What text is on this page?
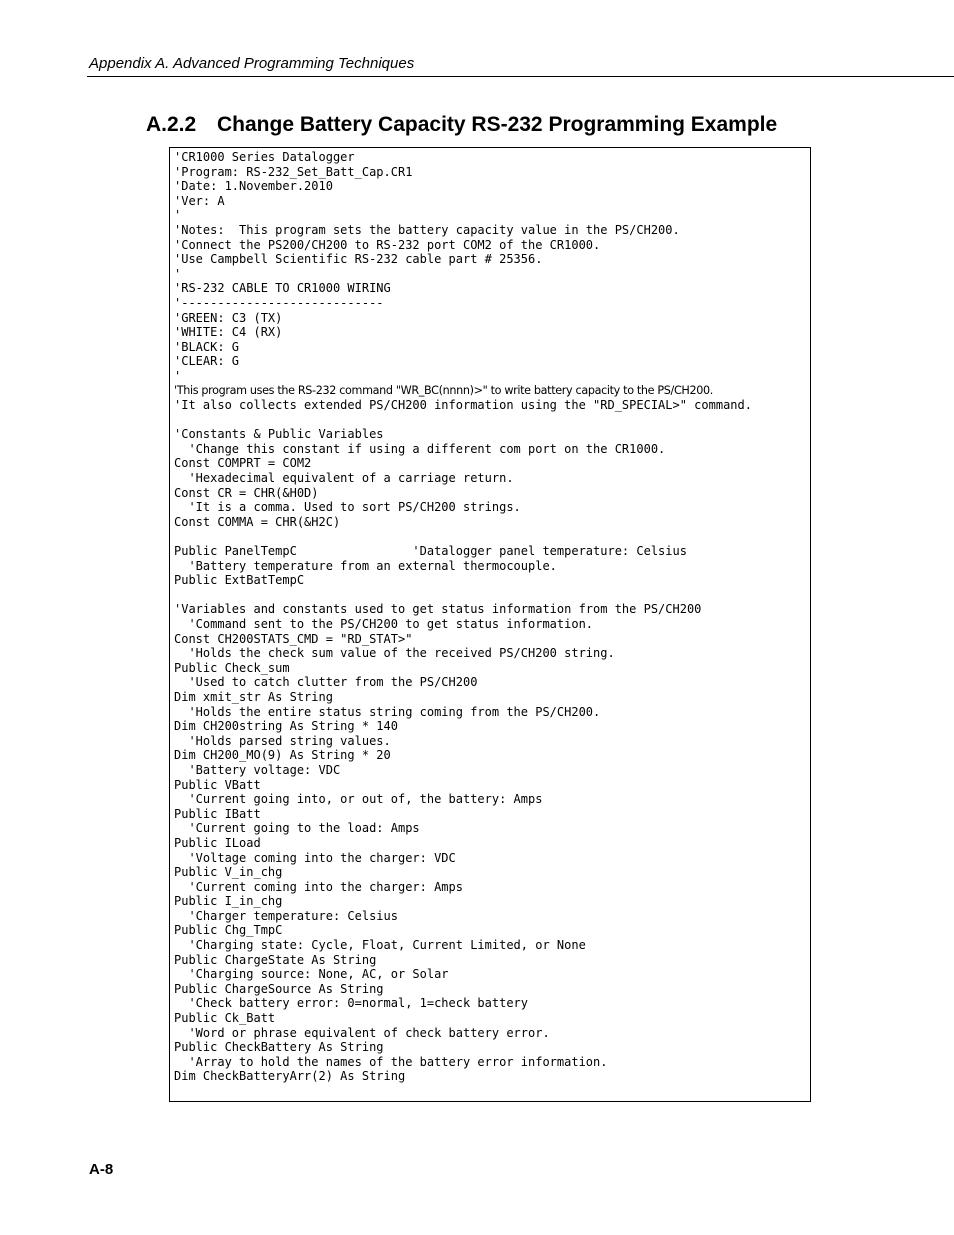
Appendix A. Advanced Programming Techniques
A.2.2 Change Battery Capacity RS-232 Programming Example
'CR1000 Series Datalogger
'Program: RS-232_Set_Batt_Cap.CR1
'Date: 1.November.2010
'Ver: A
'
'Notes:  This program sets the battery capacity value in the PS/CH200.
'Connect the PS200/CH200 to RS-232 port COM2 of the CR1000.
'Use Campbell Scientific RS-232 cable part # 25356.
'
'RS-232 CABLE TO CR1000 WIRING
'----------------------------
'GREEN: C3 (TX)
'WHITE: C4 (RX)
'BLACK: G
'CLEAR: G
'
'This program uses the RS-232 command "WR_BC(nnnn)>" to write battery capacity to the PS/CH200.
'It also collects extended PS/CH200 information using the "RD_SPECIAL>" command.
'Constants & Public Variables
'Change this constant if using a different com port on the CR1000.
Const COMPRT = COM2
'Hexadecimal equivalent of a carriage return.
Const CR = CHR(&H0D)
'It is a comma. Used to sort PS/CH200 strings.
Const COMMA = CHR(&H2C)
Public PanelTempC                'Datalogger panel temperature: Celsius
'Battery temperature from an external thermocouple.
Public ExtBatTempC
'Variables and constants used to get status information from the PS/CH200
'Command sent to the PS/CH200 to get status information.
Const CH200STATS_CMD = "RD_STAT>"
'Holds the check sum value of the received PS/CH200 string.
Public Check_sum
'Used to catch clutter from the PS/CH200
Dim xmit_str As String
'Holds the entire status string coming from the PS/CH200.
Dim CH200string As String * 140
'Holds parsed string values.
Dim CH200_MO(9) As String * 20
'Battery voltage: VDC
Public VBatt
'Current going into, or out of, the battery: Amps
Public IBatt
'Current going to the load: Amps
Public ILoad
'Voltage coming into the charger: VDC
Public V_in_chg
'Current coming into the charger: Amps
Public I_in_chg
'Charger temperature: Celsius
Public Chg_TmpC
'Charging state: Cycle, Float, Current Limited, or None
Public ChargeState As String
'Charging source: None, AC, or Solar
Public ChargeSource As String
'Check battery error: 0=normal, 1=check battery
Public Ck_Batt
'Word or phrase equivalent of check battery error.
Public CheckBattery As String
'Array to hold the names of the battery error information.
Dim CheckBatteryArr(2) As String
A-8
